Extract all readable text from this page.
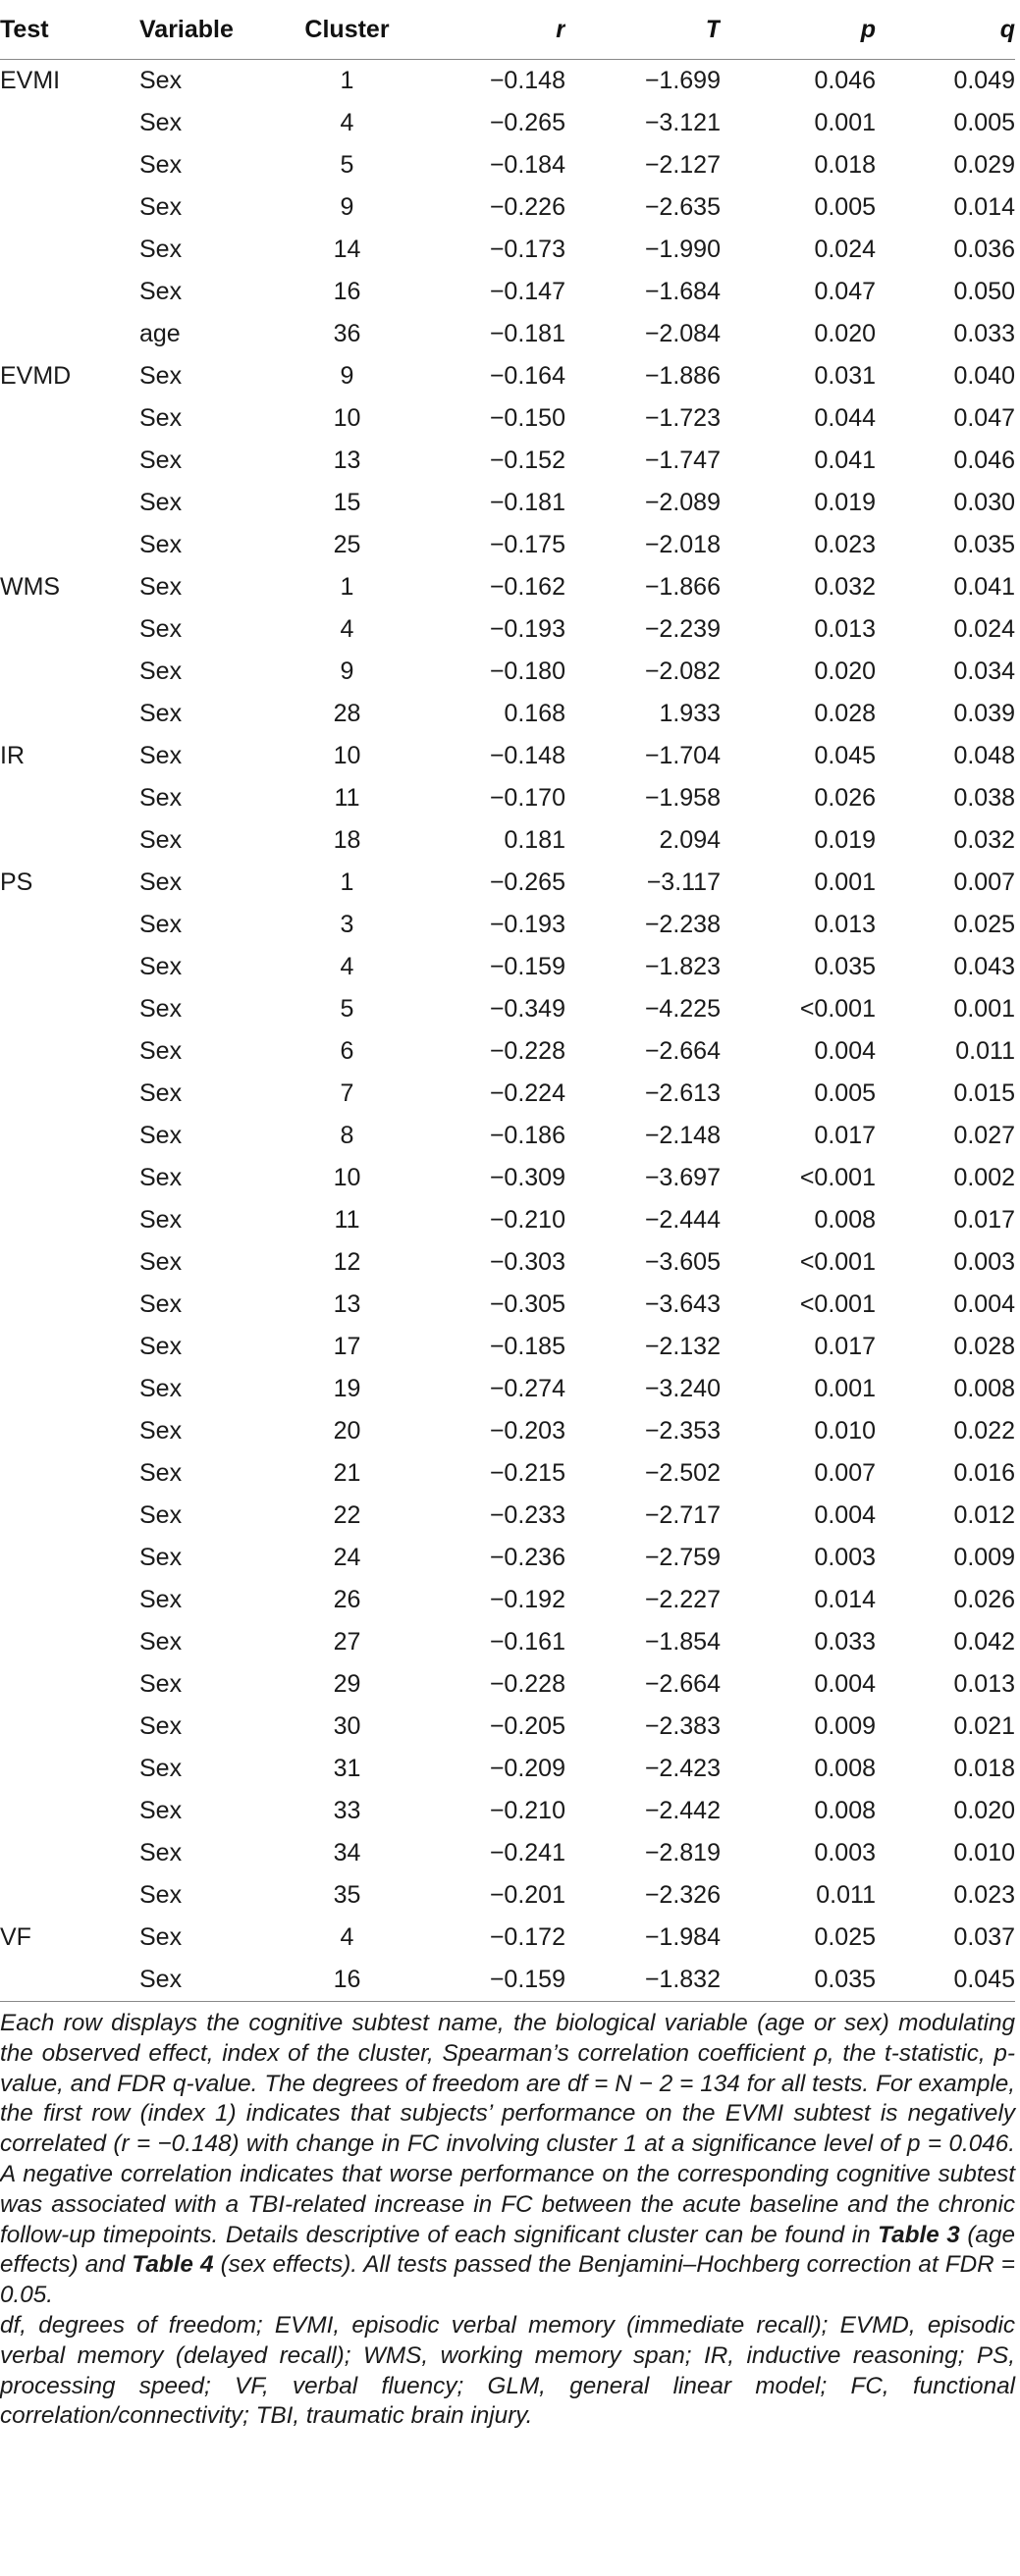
Test	Variable	Cluster	r	T	p	q
EVMI	Sex	1	−0.148	−1.699	0.046	0.049
	Sex	4	−0.265	−3.121	0.001	0.005
	Sex	5	−0.184	−2.127	0.018	0.029
	Sex	9	−0.226	−2.635	0.005	0.014
	Sex	14	−0.173	−1.990	0.024	0.036
	Sex	16	−0.147	−1.684	0.047	0.050
	age	36	−0.181	−2.084	0.020	0.033
EVMD	Sex	9	−0.164	−1.886	0.031	0.040
	Sex	10	−0.150	−1.723	0.044	0.047
	Sex	13	−0.152	−1.747	0.041	0.046
	Sex	15	−0.181	−2.089	0.019	0.030
	Sex	25	−0.175	−2.018	0.023	0.035
WMS	Sex	1	−0.162	−1.866	0.032	0.041
	Sex	4	−0.193	−2.239	0.013	0.024
	Sex	9	−0.180	−2.082	0.020	0.034
	Sex	28	0.168	1.933	0.028	0.039
IR	Sex	10	−0.148	−1.704	0.045	0.048
	Sex	11	−0.170	−1.958	0.026	0.038
	Sex	18	0.181	2.094	0.019	0.032
PS	Sex	1	−0.265	−3.117	0.001	0.007
	Sex	3	−0.193	−2.238	0.013	0.025
	Sex	4	−0.159	−1.823	0.035	0.043
	Sex	5	−0.349	−4.225	<0.001	0.001
	Sex	6	−0.228	−2.664	0.004	0.011
	Sex	7	−0.224	−2.613	0.005	0.015
	Sex	8	−0.186	−2.148	0.017	0.027
	Sex	10	−0.309	−3.697	<0.001	0.002
	Sex	11	−0.210	−2.444	0.008	0.017
	Sex	12	−0.303	−3.605	<0.001	0.003
	Sex	13	−0.305	−3.643	<0.001	0.004
	Sex	17	−0.185	−2.132	0.017	0.028
	Sex	19	−0.274	−3.240	0.001	0.008
	Sex	20	−0.203	−2.353	0.010	0.022
	Sex	21	−0.215	−2.502	0.007	0.016
	Sex	22	−0.233	−2.717	0.004	0.012
	Sex	24	−0.236	−2.759	0.003	0.009
	Sex	26	−0.192	−2.227	0.014	0.026
	Sex	27	−0.161	−1.854	0.033	0.042
	Sex	29	−0.228	−2.664	0.004	0.013
	Sex	30	−0.205	−2.383	0.009	0.021
	Sex	31	−0.209	−2.423	0.008	0.018
	Sex	33	−0.210	−2.442	0.008	0.020
	Sex	34	−0.241	−2.819	0.003	0.010
	Sex	35	−0.201	−2.326	0.011	0.023
VF	Sex	4	−0.172	−1.984	0.025	0.037
	Sex	16	−0.159	−1.832	0.035	0.045

Each row displays the cognitive subtest name, the biological variable (age or sex) modulating the observed effect, index of the cluster, Spearman’s correlation coefficient ρ, the t-statistic, p-value, and FDR q-value. The degrees of freedom are df = N − 2 = 134 for all tests. For example, the first row (index 1) indicates that subjects’ performance on the EVMI subtest is negatively correlated (r = −0.148) with change in FC involving cluster 1 at a significance level of p = 0.046. A negative correlation indicates that worse performance on the corresponding cognitive subtest was associated with a TBI-related increase in FC between the acute baseline and the chronic follow-up timepoints. Details descriptive of each significant cluster can be found in Table 3 (age effects) and Table 4 (sex effects). All tests passed the Benjamini–Hochberg correction at FDR = 0.05.

df, degrees of freedom; EVMI, episodic verbal memory (immediate recall); EVMD, episodic verbal memory (delayed recall); WMS, working memory span; IR, inductive reasoning; PS, processing speed; VF, verbal fluency; GLM, general linear model; FC, functional correlation/connectivity; TBI, traumatic brain injury.
